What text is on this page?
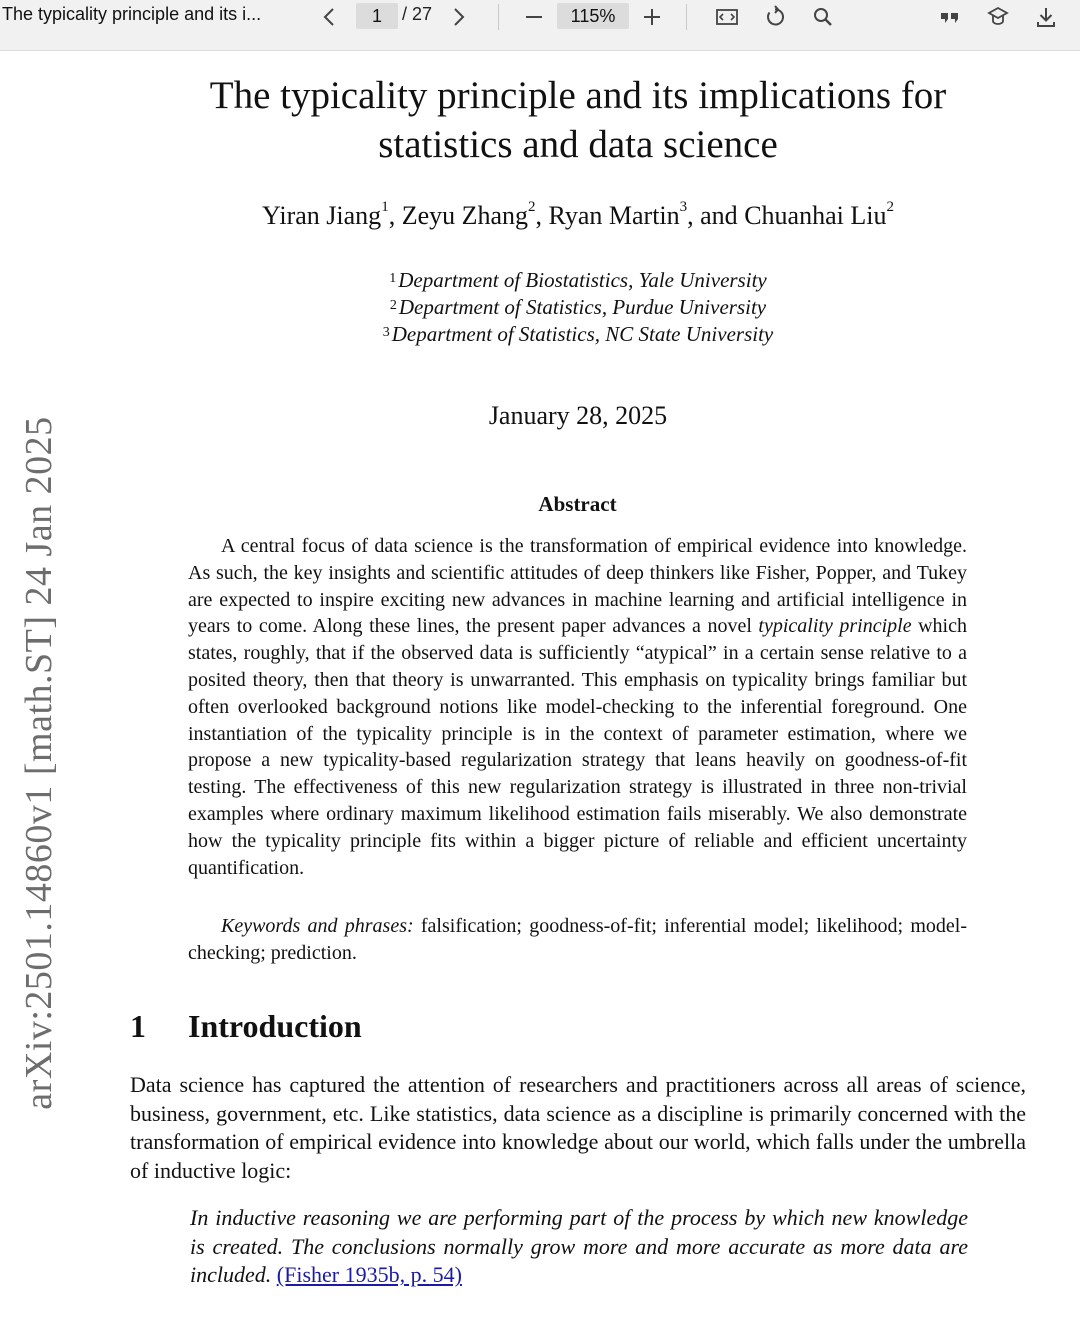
The typicality principle and its i...
1	/ 27	115%
arXiv:2501.14860v1 [math.ST] 24 Jan 2025
The typicality principle and its implications for
statistics and data science
Yiran Jiang$^1$, Zeyu Zhang$^2$, Ryan Martin$^3$, and Chuanhai Liu$^2$
$^1$Department of Biostatistics, Yale University
$^2$Department of Statistics, Purdue University
$^3$Department of Statistics, NC State University
January 28, 2025
Abstract

A central focus of data science is the transformation of empirical evidence into knowledge. As such, the key insights and scientific attitudes of deep thinkers like Fisher, Popper, and Tukey are expected to inspire exciting new advances in machine learning and artificial intelligence in years to come. Along these lines, the present paper advances a novel typicality principle which states, roughly, that if the observed data is sufficiently “atypical” in a certain sense relative to a posited theory, then that theory is unwarranted. This emphasis on typicality brings familiar but often overlooked background notions like model-checking to the inferential foreground. One instantiation of the typicality principle is in the context of parameter estimation, where we propose a new typicality-based regularization strategy that leans heavily on goodness-of-fit testing. The effectiveness of this new regularization strategy is illustrated in three non-trivial examples where ordinary maximum likelihood estimation fails miserably. We also demonstrate how the typicality principle fits within a bigger picture of reliable and efficient uncertainty quantification.

Keywords and phrases: falsification; goodness-of-fit; inferential model; likelihood; model-checking; prediction.

1 Introduction

Data science has captured the attention of researchers and practitioners across all areas of science, business, government, etc. Like statistics, data science as a discipline is primarily concerned with the transformation of empirical evidence into knowledge about our world, which falls under the umbrella of inductive logic:

In inductive reasoning we are performing part of the process by which new knowledge is created. The conclusions normally grow more and more accurate as more data are included. (Fisher 1935b, p. 54)
